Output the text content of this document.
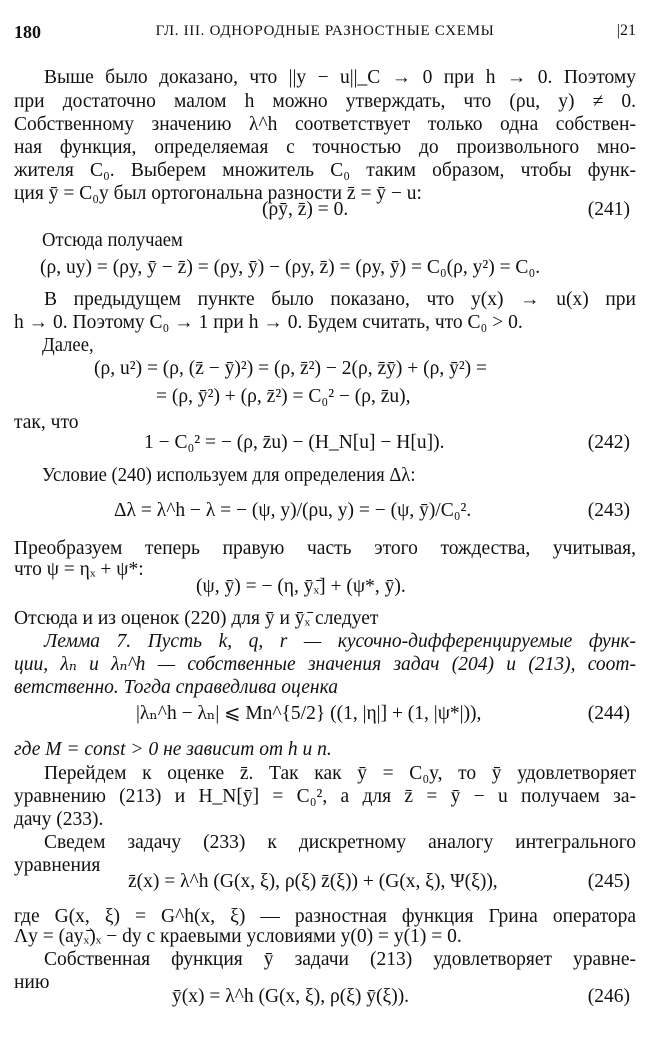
180	ГЛ. III. ОДНОРОДНЫЕ РАЗНОСТНЫЕ СХЕМЫ	|21
Выше было доказано, что ||y − u||_C → 0 при h → 0. Поэтому
при достаточно малом h можно утверждать, что (ρu, y) ≠ 0.
Собственному значению λ^h соответствует только одна собствен-
ная функция, определяемая с точностью до произвольного мно-
жителя C₀. Выберем множитель C₀ таким образом, чтобы функ-
ция ȳ = C₀y был ортогональна разности z̄ = ȳ − u:
(ρȳ, z̄) = 0.	(241)
Отсюда получаем
(ρ, uy) = (ρy, ȳ − z̄) = (ρy, ȳ) − (ρy, z̄) = (ρy, ȳ) = C₀(ρ, y²) = C₀.
В предыдущем пункте было показано, что y(x) → u(x) при
h → 0. Поэтому C₀ → 1 при h → 0. Будем считать, что C₀ > 0.
Далее,
(ρ, u²) = (ρ, (z̄ − ȳ)²) = (ρ, z̄²) − 2(ρ, z̄ȳ) + (ρ, ȳ²) =
= (ρ, ȳ²) + (ρ, z̄²) = C₀² − (ρ, z̄u),
так, что
1 − C₀² = − (ρ, z̄u) − (H_N[u] − H[u]).	(242)
Условие (240) используем для определения Δλ:
Δλ = λ^h − λ = − (ψ, y)/(ρu, y) = − (ψ, ȳ)/C₀².	(243)
Преобразуем теперь правую часть этого тождества, учитывая,
что ψ = ηₓ + ψ*:
(ψ, ȳ) = − (η, ȳₓ̄] + (ψ*, ȳ).
Отсюда и из оценок (220) для ȳ и ȳₓ̄ следует
Лемма 7. Пусть k, q, r — кусочно-дифференцируемые функ-
ции, λₙ и λₙ^h — собственные значения задач (204) и (213), соот-
ветственно. Тогда справедлива оценка
|λₙ^h − λₙ| ⩽ Mn^{5/2} ((1, |η|] + (1, |ψ*|)),	(244)
где M = const > 0 не зависит от h и n.
Перейдем к оценке z̄. Так как ȳ = C₀y, то ȳ удовлетворяет
уравнению (213) и H_N[ȳ] = C₀², а для z̄ = ȳ − u получаем за-
дачу (233).
Сведем задачу (233) к дискретному аналогу интегрального
уравнения
z̄(x) = λ^h (G(x, ξ), ρ(ξ) z̄(ξ)) + (G(x, ξ), Ψ(ξ)),	(245)
где G(x, ξ) = G^h(x, ξ) — разностная функция Грина оператора
Λy = (ayₓ̄)ₓ − dy с краевыми условиями y(0) = y(1) = 0.
Собственная функция ȳ задачи (213) удовлетворяет уравне-
нию
ȳ(x) = λ^h (G(x, ξ), ρ(ξ) ȳ(ξ)).	(246)
